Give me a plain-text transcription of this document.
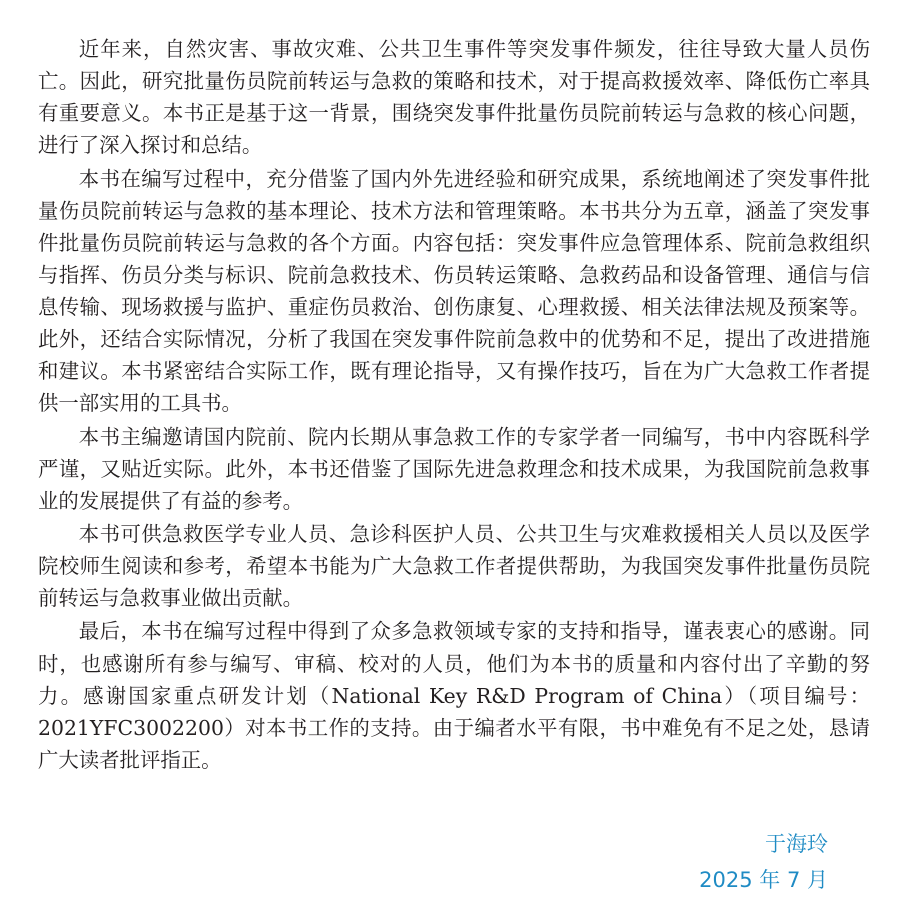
近年来，自然灾害、事故灾难、公共卫生事件等突发事件频发，往往导致大量人员伤亡。因此，研究批量伤员院前转运与急救的策略和技术，对于提高救援效率、降低伤亡率具有重要意义。本书正是基于这一背景，围绕突发事件批量伤员院前转运与急救的核心问题，进行了深入探讨和总结。

本书在编写过程中，充分借鉴了国内外先进经验和研究成果，系统地阐述了突发事件批量伤员院前转运与急救的基本理论、技术方法和管理策略。本书共分为五章，涵盖了突发事件批量伤员院前转运与急救的各个方面。内容包括：突发事件应急管理体系、院前急救组织与指挥、伤员分类与标识、院前急救技术、伤员转运策略、急救药品和设备管理、通信与信息传输、现场救援与监护、重症伤员救治、创伤康复、心理救援、相关法律法规及预案等。此外，还结合实际情况，分析了我国在突发事件院前急救中的优势和不足，提出了改进措施和建议。本书紧密结合实际工作，既有理论指导，又有操作技巧，旨在为广大急救工作者提供一部实用的工具书。

本书主编邀请国内院前、院内长期从事急救工作的专家学者一同编写，书中内容既科学严谨，又贴近实际。此外，本书还借鉴了国际先进急救理念和技术成果，为我国院前急救事业的发展提供了有益的参考。

本书可供急救医学专业人员、急诊科医护人员、公共卫生与灾难救援相关人员以及医学院校师生阅读和参考，希望本书能为广大急救工作者提供帮助，为我国突发事件批量伤员院前转运与急救事业做出贡献。

最后，本书在编写过程中得到了众多急救领域专家的支持和指导，谨表衷心的感谢。同时，也感谢所有参与编写、审稿、校对的人员，他们为本书的质量和内容付出了辛勤的努力。感谢国家重点研发计划（National Key R&D Program of China）（项目编号：2021YFC3002200）对本书工作的支持。由于编者水平有限，书中难免有不足之处，恳请广大读者批评指正。

于海玲
2025 年 7 月
